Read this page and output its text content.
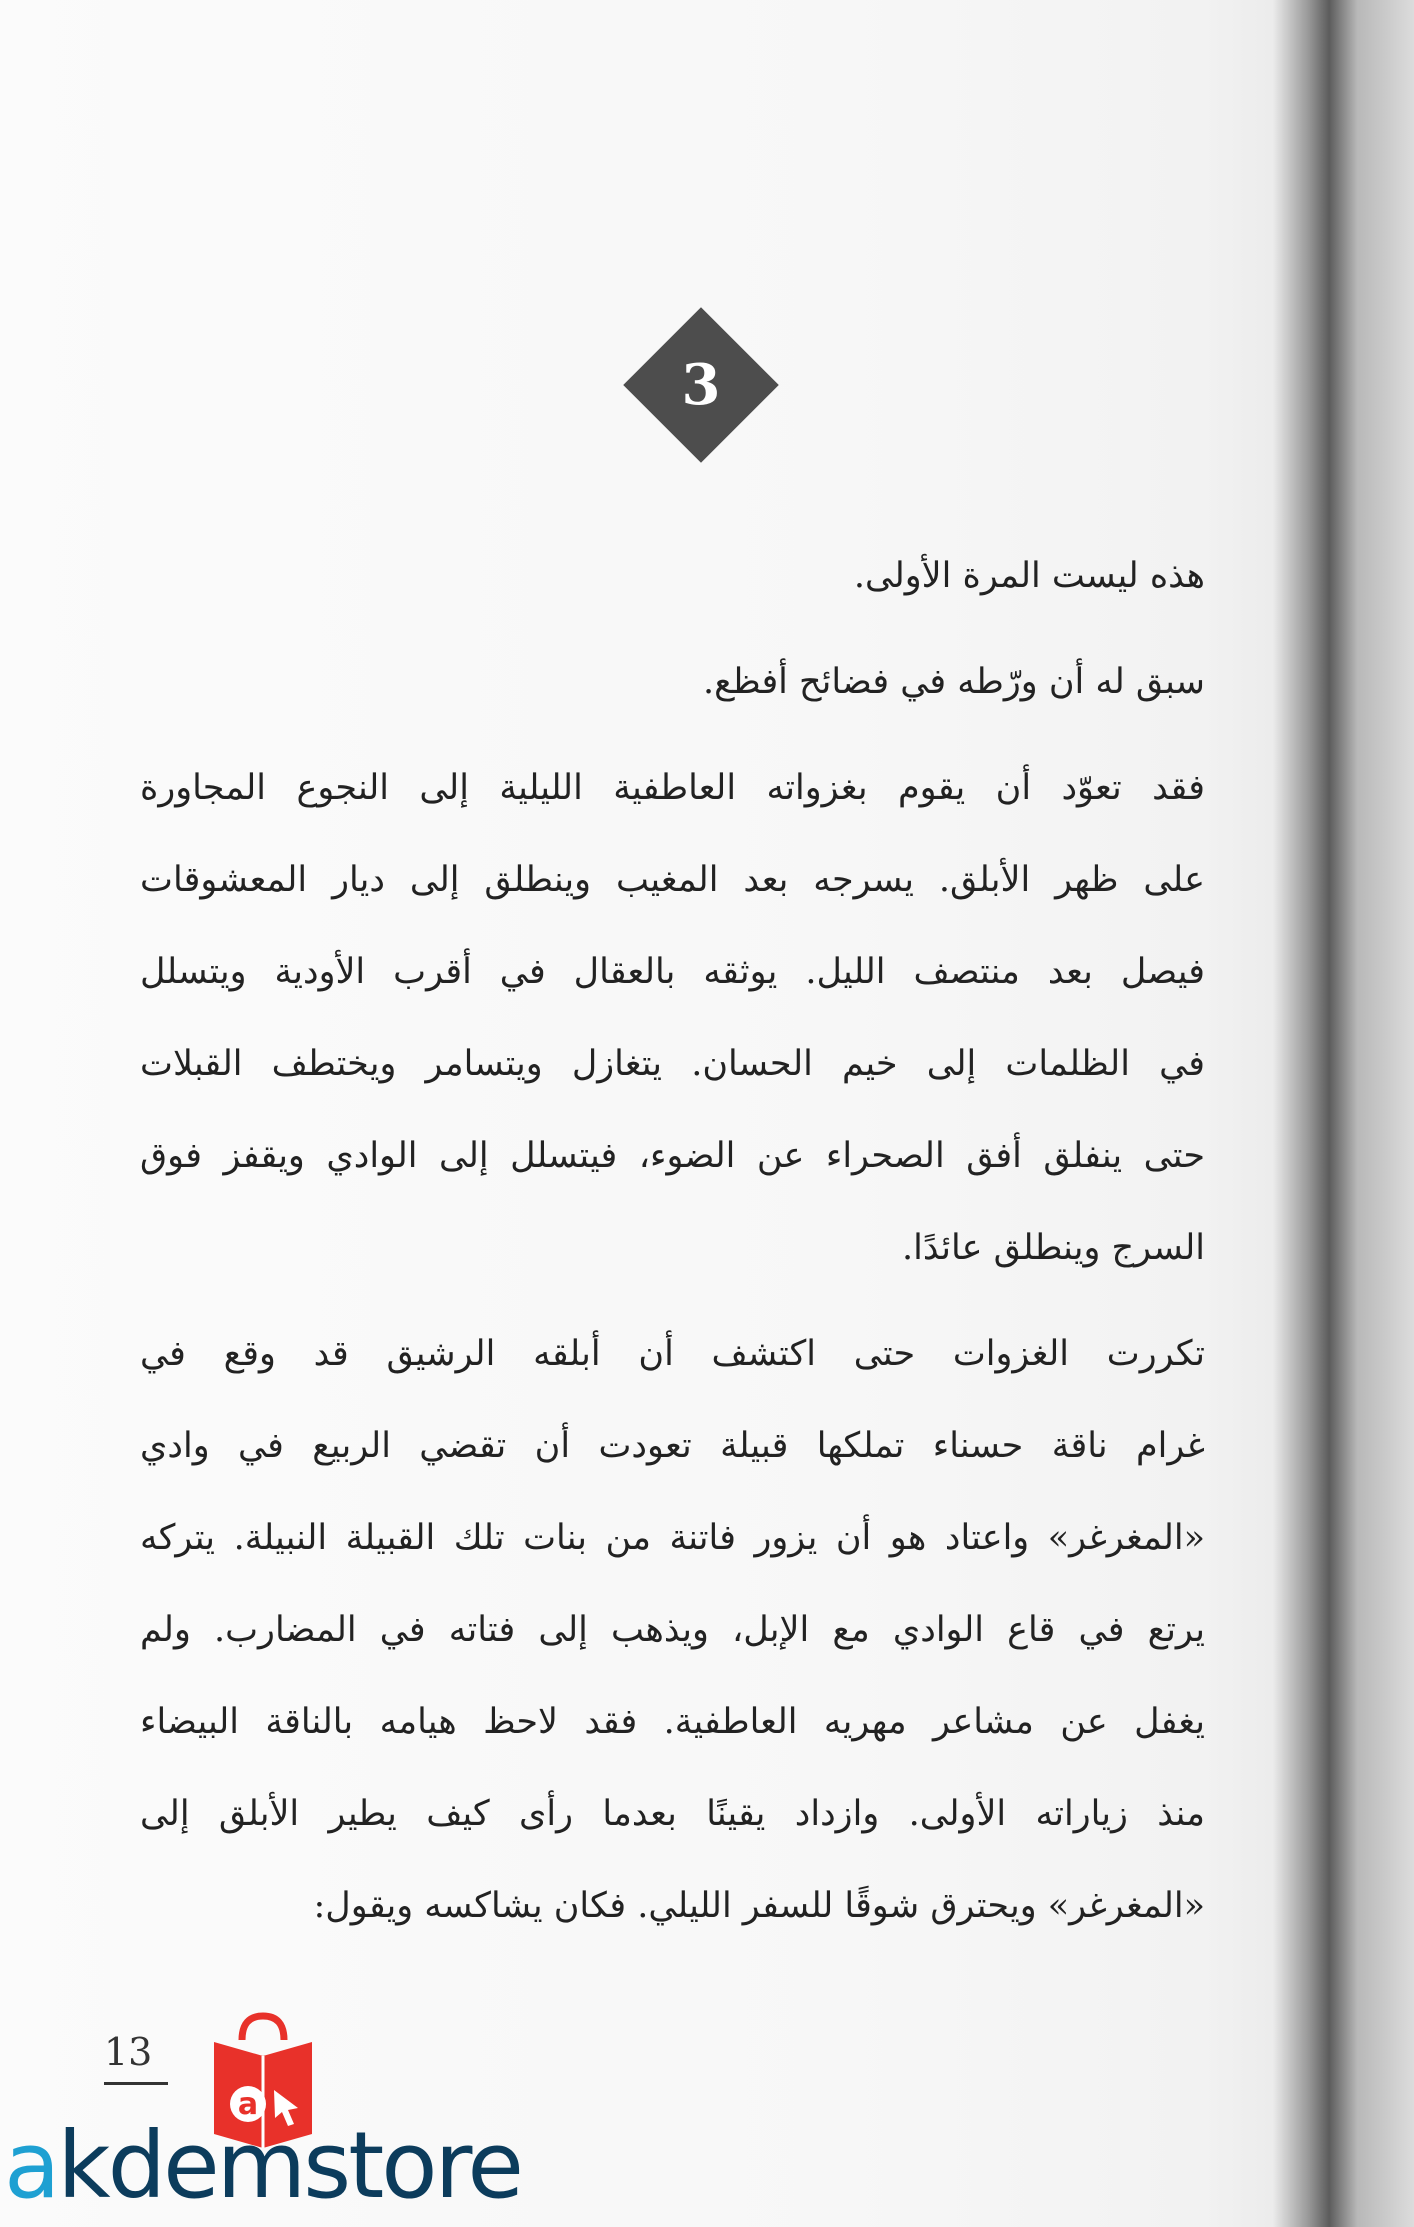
3
هذه ليست المرة الأولى.
سبق له أن ورّطه في فضائح أفظع.
فقد تعوّد أن يقوم بغزواته العاطفية الليلية إلى النجوع المجاورة
على ظهر الأبلق. يسرجه بعد المغيب وينطلق إلى ديار المعشوقات
فيصل بعد منتصف الليل. يوثقه بالعقال في أقرب الأودية ويتسلل
في الظلمات إلى خيم الحسان. يتغازل ويتسامر ويختطف القبلات
حتى ينفلق أفق الصحراء عن الضوء، فيتسلل إلى الوادي ويقفز فوق
السرج وينطلق عائدًا.
تكررت الغزوات حتى اكتشف أن أبلقه الرشيق قد وقع في
غرام ناقة حسناء تملكها قبيلة تعودت أن تقضي الربيع في وادي
«المغرغر» واعتاد هو أن يزور فاتنة من بنات تلك القبيلة النبيلة. يتركه
يرتع في قاع الوادي مع الإبل، ويذهب إلى فتاته في المضارب. ولم
يغفل عن مشاعر مهريه العاطفية. فقد لاحظ هيامه بالناقة البيضاء
منذ زياراته الأولى. وازداد يقينًا بعدما رأى كيف يطير الأبلق إلى
«المغرغر» ويحترق شوقًا للسفر الليلي. فكان يشاكسه ويقول:
13
a
akdemstore
